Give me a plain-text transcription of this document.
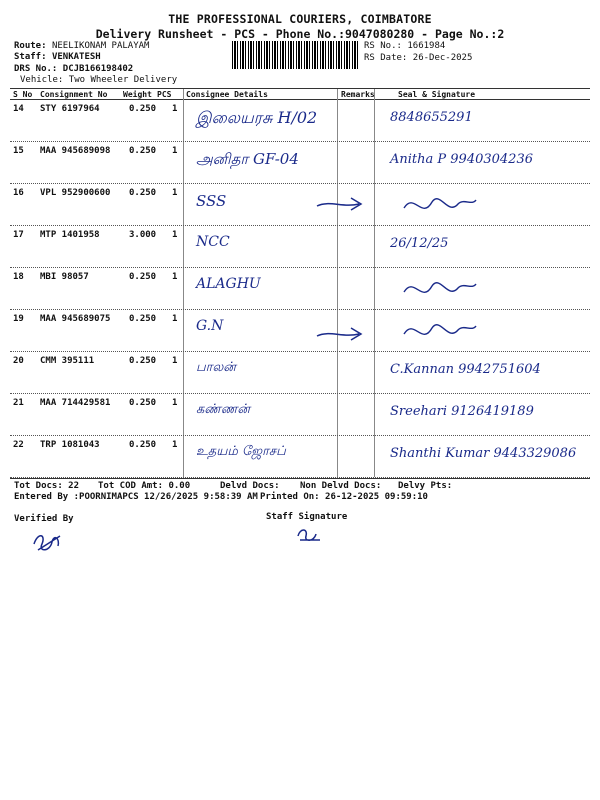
THE PROFESSIONAL COURIERS, COIMBATORE
Delivery Runsheet - PCS - Phone No.:9047080280 - Page No.:2
Route: NEELIKONAM PALAYAM
Staff: VENKATESH
DRS No.: DCJB166198402
Vehicle: Two Wheeler Delivery
RS No.: 1661984
RS Date: 26-Dec-2025
S No Consignment No Weight PCS Consignee Details	Remarks	Seal & Signature
14 STY 6197964	0.250 1 இலையரசு H/02	8848655291
15 MAA 945689098 0.250 1 அனிதா GF-04	Anitha P 9940304236
16 VPL 952900600 0.250 1 SSS
17 MTP 1401958	3.000 1 NCC	26/12/25
18 MBI 98057	0.250 1 ALAGHU
19 MAA 945689075 0.250 1 G.N
20 CMM 395111	0.250 1 பாலன்	C.Kannan 9942751604
21 MAA 714429581 0.250 1 கண்ணன்	Sreehari 9126419189
22 TRP 1081043	0.250 1 உதயம் ஜோசப்	Shanthi Kumar 9443329086
Tot Docs: 22 Tot COD Amt: 0.00	Delvd Docs: Non Delvd Docs: Delvy Pts:
Entered By :POORNIMAPCS 12/26/2025 9:58:39 AM Printed On: 26-12-2025 09:59:10
Verified By	Staff Signature
